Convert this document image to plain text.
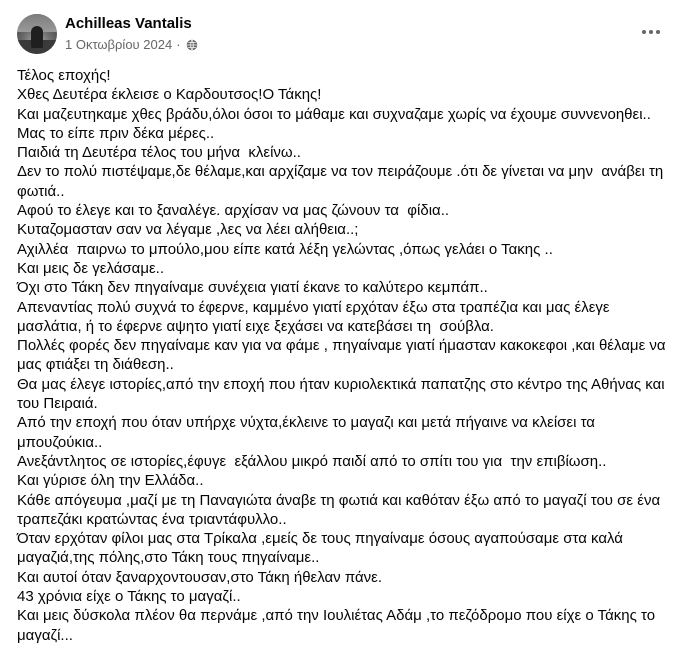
Achilleas Vantalis
1 Οκτωβρίου 2024 ·

Τέλος εποχής!

Χθες Δευτέρα έκλεισε ο Καρδουτσος!Ο Τάκης!

Και μαζευτηκαμε χθες βράδυ,όλοι όσοι το μάθαμε και συχναζαμε χωρίς να έχουμε συννενοηθει..

Μας το είπε πριν δέκα μέρες..

Παιδιά τη Δευτέρα τέλος του μήνα  κλείνω..

Δεν το πολύ πιστέψαμε,δε θέλαμε,και αρχίζαμε να τον πειράζουμε .ότι δε γίνεται να μην  ανάβει τη φωτιά..

Αφού το έλεγε και το ξαναλέγε. αρχίσαν να μας ζώνουν τα  φίδια..

Κυταζομασταν σαν να λέγαμε ,λες να λέει αλήθεια..;

Αχιλλέα  παιρνω το μπούλο,μου είπε κατά λέξη γελώντας ,όπως γελάει ο Τακης ..

Και μεις δε γελάσαμε..

Όχι στο Τάκη δεν πηγαίναμε συνέχεια γιατί έκανε το καλύτερο κεμπάπ..

Απεναντίας πολύ συχνά το έφερνε, καμμένο γιατί ερχόταν έξω στα τραπέζια και μας έλεγε μασλάτια, ή το έφερνε αψητο γιατί ειχε ξεχάσει να κατεβάσει τη  σούβλα.

Πολλές φορές δεν πηγαίναμε καν για να φάμε , πηγαίναμε γιατί ήμασταν κακοκεφοι ,και θέλαμε να μας φτιάξει τη διάθεση..

Θα μας έλεγε ιστορίες,από την εποχή που ήταν κυριολεκτικά παπατζης στο κέντρο της Αθήνας και του Πειραιά.

Από την εποχή που όταν υπήρχε νύχτα,έκλεινε το μαγαζι και μετά πήγαινε να κλείσει τα μπουζούκια..

Ανεξάντλητος σε ιστορίες,έφυγε  εξάλλου μικρό παιδί από το σπίτι του για  την επιβίωση..

Και γύρισε όλη την Ελλάδα..

Κάθε απόγευμα ,μαζί με τη Παναγιώτα άναβε τη φωτιά και καθόταν έξω από το μαγαζί του σε ένα τραπεζάκι κρατώντας ένα τριαντάφυλλο..

Όταν ερχόταν φίλοι μας στα Τρίκαλα ,εμείς δε τους πηγαίναμε όσους αγαπούσαμε στα καλά μαγαζιά,της πόλης,στο Τάκη τους πηγαίναμε..

Και αυτοί όταν ξαναρχοντουσαν,στο Τάκη ήθελαν πάνε.

43 χρόνια είχε ο Τάκης το μαγαζί..

Και μεις δύσκολα πλέον θα περνάμε ,από την Ιουλιέτας Αδάμ ,το πεζόδρομο που είχε ο Τάκης το μαγαζί...
